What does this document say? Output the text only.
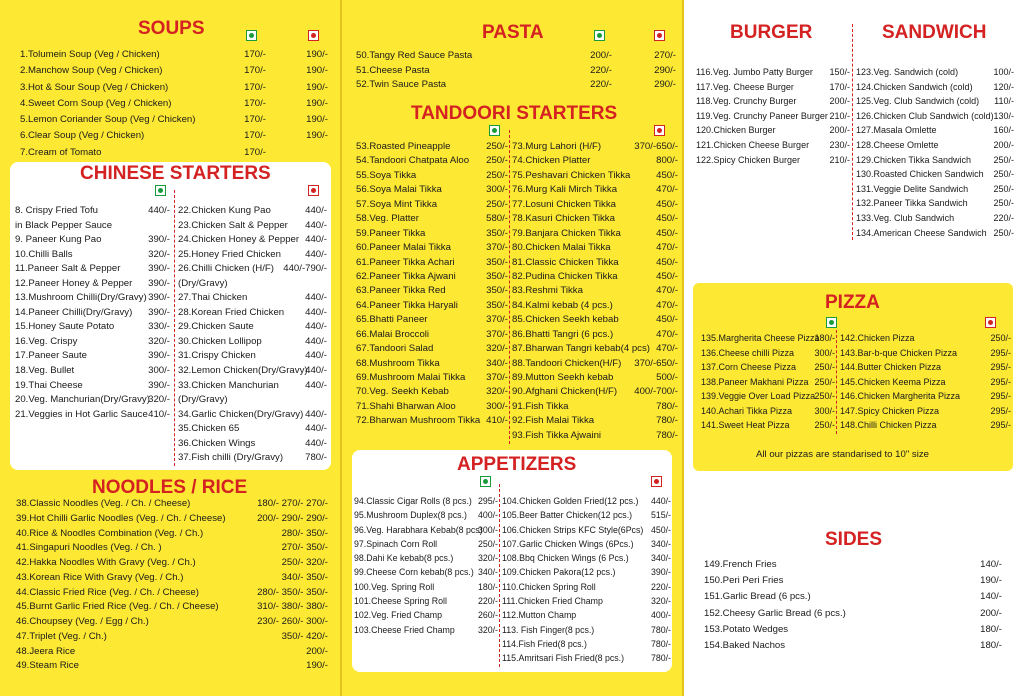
SOUPS
1.Tolumein Soup (Veg / Chicken)	170/-	190/-
2.Manchow Soup (Veg / Chicken)	170/-	190/-
3.Hot & Sour Soup (Veg / Chicken)	170/-	190/-
4.Sweet Corn Soup (Veg / Chicken)	170/-	190/-
5.Lemon Coriander Soup (Veg / Chicken)	170/-	190/-
6.Clear Soup (Veg / Chicken)	170/-	190/-
7.Cream of Tomato	170/-
CHINESE STARTERS
8. Crispy Fried Tofu	440/-
in Black Pepper Sauce
9. Paneer Kung Pao	390/-
10.Chilli Balls	320/-
11.Paneer Salt & Pepper	390/-
12.Paneer Honey & Pepper 390/-
13.Mushroom Chilli(Dry/Gravy) 390/-
14.Paneer Chilli(Dry/Gravy) 390/-
15.Honey Saute Potato	330/-
16.Veg. Crispy	320/-
17.Paneer Saute	390/-
18.Veg. Bullet	300/-
19.Thai Cheese	390/-
20.Veg. Manchurian(Dry/Gravy)
320/-
21.Veggies in Hot Garlic Sauce 410/-
22.Chicken Kung Pao	440/-
23.Chicken Salt & Pepper 440/-
24.Chicken Honey & Pepper 440/-
25.Honey Fried Chicken	440/-
26.Chilli Chicken (H/F) 440/-790/-
(Dry/Gravy)
27.Thai Chicken	440/-
28.Korean Fried Chicken 440/-
29.Chicken Saute	440/-
30.Chicken Lollipop	440/-
31.Crispy Chicken	440/-
32.Lemon Chicken(Dry/Gravy)
440/-
33.Chicken Manchurian	440/-
(Dry/Gravy)
34.Garlic Chicken(Dry/Gravy) 440/-
35.Chicken 65	440/-
36.Chicken Wings	440/-
37.Fish chilli (Dry/Gravy) 780/-
NOODLES / RICE
38.Classic Noodles (Veg. / Ch. / Cheese)	180/- 270/- 270/-
39.Hot Chilli Garlic Noodles (Veg. / Ch. / Cheese)	200/- 290/- 290/-
40.Rice & Noodles Combination (Veg. / Ch.)	280/- 350/-
41.Singapuri Noodles (Veg. / Ch. )	270/- 350/-
42.Hakka Noodles With Gravy (Veg. / Ch.)	250/- 320/-
43.Korean Rice With Gravy (Veg. / Ch.)	340/- 350/-
44.Classic Fried Rice (Veg. / Ch. / Cheese)	280/- 350/- 350/-
45.Burnt Garlic Fried Rice (Veg. / Ch. / Cheese)	310/- 380/- 380/-
46.Choupsey (Veg. / Egg / Ch.)	230/- 260/- 300/-
47.Triplet (Veg. / Ch.)	350/- 420/-
48.Jeera Rice	200/-
49.Steam Rice	190/-
PASTA
50.Tangy Red Sauce Pasta	200/-	270/-
51.Cheese Pasta	220/-	290/-
52.Twin Sauce Pasta	220/-	290/-
TANDOORI STARTERS
53.Roasted Pineapple	250/-
54.Tandoori Chatpata Aloo 250/-
55.Soya Tikka	250/-
56.Soya Malai Tikka	300/-
57.Soya Mint Tikka	250/-
58.Veg. Platter	580/-
59.Paneer Tikka	350/-
60.Paneer Malai Tikka	370/-
61.Paneer Tikka Achari	350/-
62.Paneer Tikka Ajwani	350/-
63.Paneer Tikka Red	350/-
64.Paneer Tikka Haryali	350/-
65.Bhatti Paneer	370/-
66.Malai Broccoli	370/-
67.Tandoori Salad	320/-
68.Mushroom Tikka	340/-
69.Mushroom Malai Tikka 370/-
70.Veg. Seekh Kebab	320/-
71.Shahi Bharwan Aloo	300/-
72.Bharwan Mushroom Tikka 410/-
73.Murg Lahori (H/F)	370/-650/-
74.Chicken Platter	800/-
75.Peshavari Chicken Tikka	450/-
76.Murg Kali Mirch Tikka	470/-
77.Losuni Chicken Tikka	450/-
78.Kasuri Chicken Tikka	450/-
79.Banjara Chicken Tikka	450/-
80.Chicken Malai Tikka	470/-
81.Classic Chicken Tikka	450/-
82.Pudina Chicken Tikka	450/-
83.Reshmi Tikka	470/-
84.Kalmi kebab (4 pcs.)	470/-
85.Chicken Seekh kebab	450/-
86.Bhatti Tangri (6 pcs.)	470/-
87.Bharwan Tangri kebab(4 pcs) 470/-
88.Tandoori Chicken(H/F) 370/-650/-
89.Mutton Seekh kebab	500/-
90.Afghani Chicken(H/F) 400/-700/-
91.Fish Tikka	780/-
92.Fish Malai Tikka	780/-
93.Fish Tikka Ajwaini	780/-
APPETIZERS
94.Classic Cigar Rolls (8 pcs.) 295/-
95.Mushroom Duplex(8 pcs.) 400/-
96.Veg. Harabhara Kebab(8 pcs)
300/-
97.Spinach Corn Roll	250/-
98.Dahi Ke kebab(8 pcs.)	320/-
99.Cheese Corn kebab(8 pcs.) 340/-
100.Veg. Spring Roll	180/-
101.Cheese Spring Roll	220/-
102.Veg. Fried Champ	260/-
103.Cheese Fried Champ	320/-
104.Chicken Golden Fried(12 pcs.) 440/-
105.Beer Batter Chicken(12 pcs.) 515/-
106.Chicken Strips KFC Style(6Pcs) 450/-
107.Garlic Chicken Wings (6Pcs.) 340/-
108.Bbq Chicken Wings (6 Pcs.)	340/-
109.Chicken Pakora(12 pcs.)	390/-
110.Chicken Spring Roll	220/-
111.Chicken Fried Champ	320/-
112.Mutton Champ	400/-
113. Fish Finger(8 pcs.)	780/-
114.Fish Fried(8 pcs.)	780/-
115.Amritsari Fish Fried(8 pcs.)	780/-
BURGER
116.Veg. Jumbo Patty Burger 150/-
117.Veg. Cheese Burger	170/-
118.Veg. Crunchy Burger	200/-
119.Veg. Crunchy Paneer Burger 210/-
120.Chicken Burger	200/-
121.Chicken Cheese Burger 230/-
122.Spicy Chicken Burger	210/-
SANDWICH
123.Veg. Sandwich (cold)	100/-
124.Chicken Sandwich (cold) 120/-
125.Veg. Club Sandwich (cold) 110/-
126.Chicken Club Sandwich (cold) 130/-
127.Masala Omlette	160/-
128.Cheese Omlette	200/-
129.Chicken Tikka Sandwich 250/-
130.Roasted Chicken Sandwich 250/-
131.Veggie Delite Sandwich	250/-
132.Paneer Tikka Sandwich	250/-
133.Veg. Club Sandwich	220/-
134.American Cheese Sandwich 250/-
PIZZA
135.Margherita Cheese Pizza
180/-
136.Cheese chilli Pizza 300/-
137.Corn Cheese Pizza 250/-
138.Paneer Makhani Pizza 250/-
139.Veggie Over Load Pizza 250/-
140.Achari Tikka Pizza 300/-
141.Sweet Heat Pizza	250/-
142.Chicken Pizza	250/-
143.Bar-b-que Chicken Pizza	295/-
144.Butter Chicken Pizza	295/-
145.Chicken Keema Pizza	295/-
146.Chicken Margherita Pizza	295/-
147.Spicy Chicken Pizza	295/-
148.Chilli Chicken Pizza	295/-
All our pizzas are standarised to 10" size
SIDES
149.French Fries	140/-
150.Peri Peri Fries	190/-
151.Garlic Bread (6 pcs.)	140/-
152.Cheesy Garlic Bread (6 pcs.)	200/-
153.Potato Wedges	180/-
154.Baked Nachos	180/-
